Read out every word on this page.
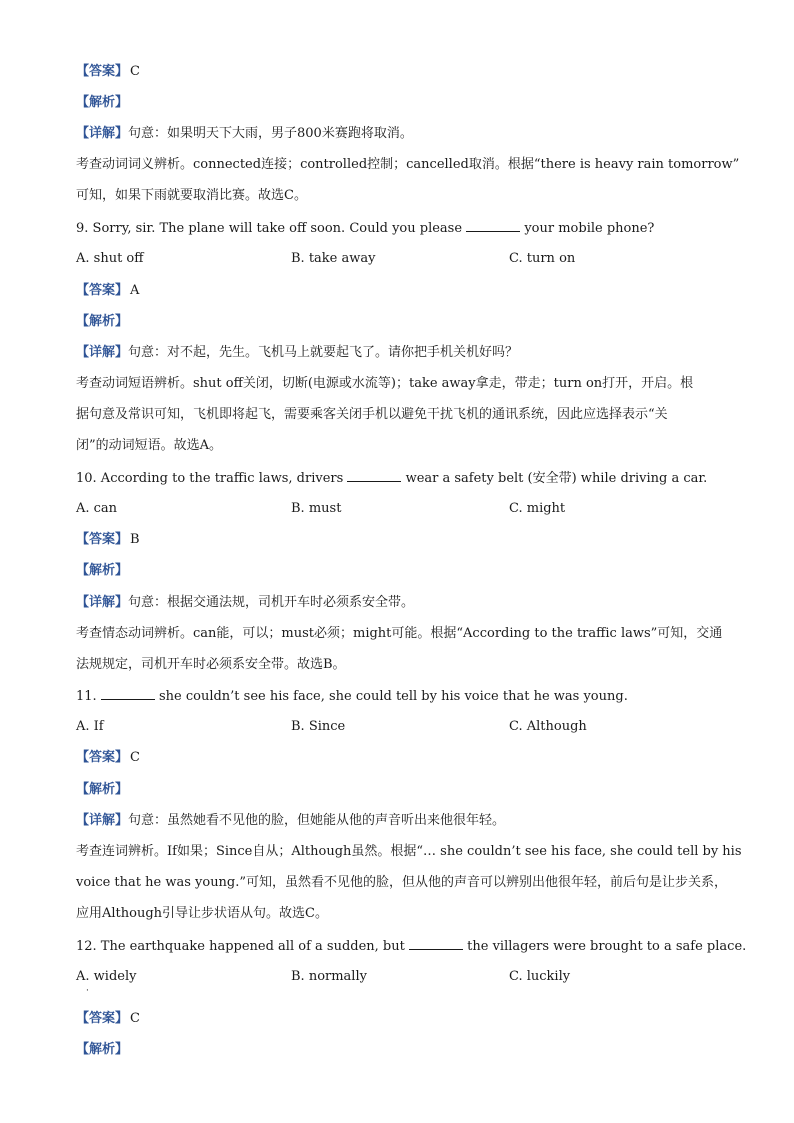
【答案】 C
【解析】
【详解】句意：如果明天下大雨，男子800米赛跑将取消。
考查动词词义辨析。connected连接；controlled控制；cancelled取消。根据“there is heavy rain tomorrow”
可知，如果下雨就要取消比赛。故选C。
9. Sorry, sir. The plane will take off soon. Could you please	your mobile phone?
A. shut off	B. take away	C. turn on
【答案】 A
【解析】
【详解】句意：对不起，先生。飞机马上就要起飞了。请你把手机关机好吗？
考查动词短语辨析。shut off关闭，切断(电源或水流等)；take away拿走，带走；turn on打开，开启。根
据句意及常识可知，飞机即将起飞，需要乘客关闭手机以避免干扰飞机的通讯系统，因此应选择表示“关
闭”的动词短语。故选A。
10. According to the traffic laws, drivers	wear a safety belt (安全带) while driving a car.
A. can	B. must	C. might
【答案】 B
【解析】
【详解】句意：根据交通法规，司机开车时必须系安全带。
考查情态动词辨析。can能，可以；must必须；might可能。根据“According to the traffic laws”可知，交通
法规规定，司机开车时必须系安全带。故选B。
11.	she couldn’t see his face, she could tell by his voice that he was young.
A. If	B. Since	C. Although
【答案】 C
【解析】
【详解】句意：虽然她看不见他的脸，但她能从他的声音听出来他很年轻。
考查连词辨析。If如果；Since自从；Although虽然。根据“… she couldn’t see his face, she could tell by his
voice that he was young.”可知，虽然看不见他的脸，但从他的声音可以辨别出他很年轻，前后句是让步关系，
应用Although引导让步状语从句。故选C。
12. The earthquake happened all of a sudden, but	the villagers were brought to a safe place.
A. widely	B. normally	C. luckily
·
【答案】 C
【解析】
